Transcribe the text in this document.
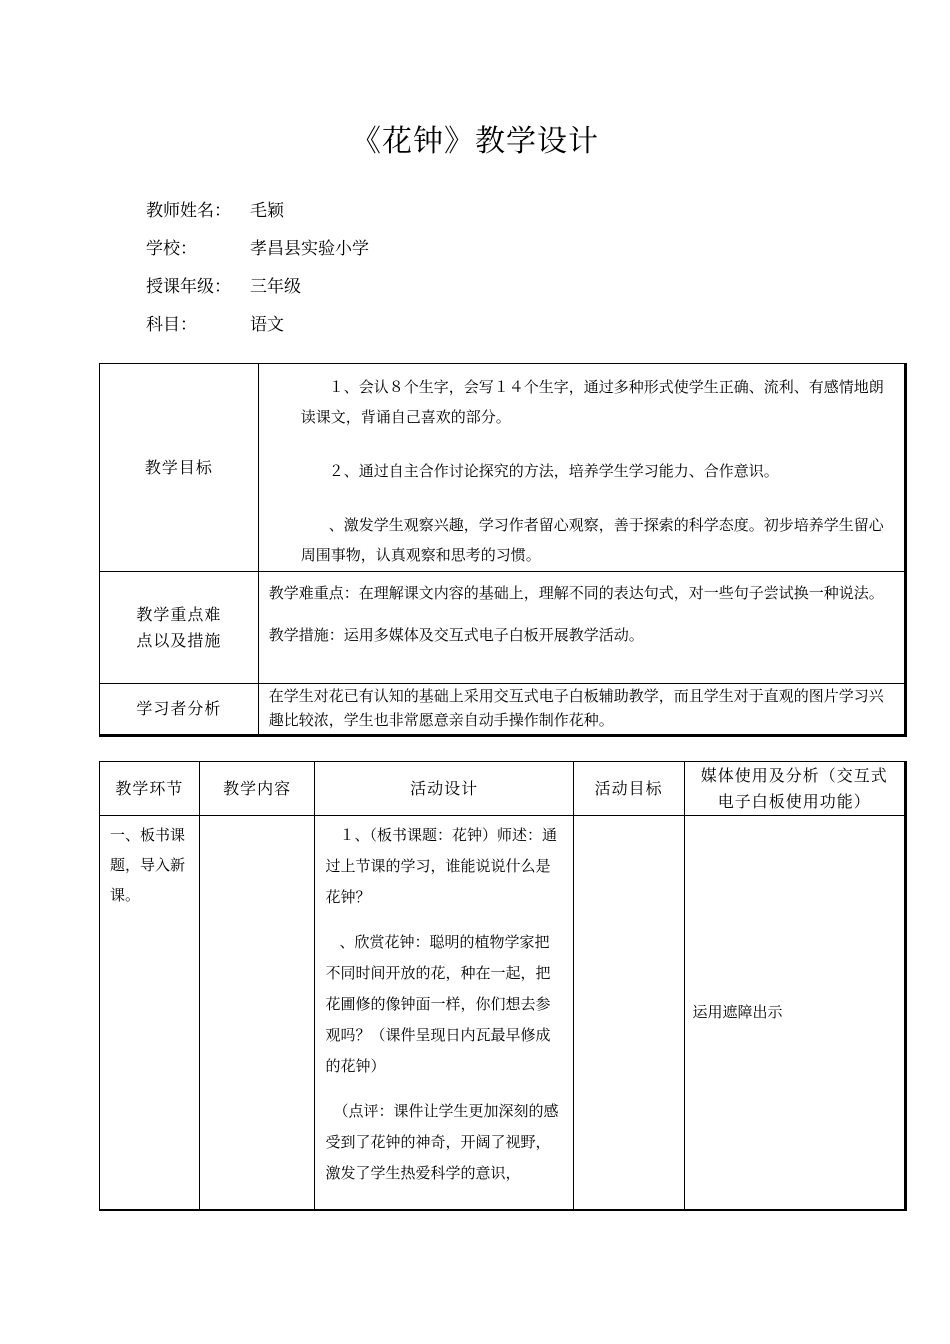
《花钟》教学设计
教师姓名： 毛颖
学校：	孝昌县实验小学
授课年级： 三年级
科目：	语文
教学目标	１、会认８个生字，会写１４个生字，通过多种形式使学生正确、流利、有感情地朗读课文，背诵自己喜欢的部分。

２、通过自主合作讨论探究的方法，培养学生学习能力、合作意识。

、激发学生观察兴趣，学习作者留心观察，善于探索的科学态度。初步培养学生留心周围事物，认真观察和思考的习惯。

教学重点难点以及措施	教学难重点：在理解课文内容的基础上，理解不同的表达句式，对一些句子尝试换一种说法。

教学措施：运用多媒体及交互式电子白板开展教学活动。

学习者分析	在学生对花已有认知的基础上采用交互式电子白板辅助教学，而且学生对于直观的图片学习兴趣比较浓，学生也非常愿意亲自动手操作制作花种。
教学环节	教学内容	活动设计	活动目标	媒体使用及分析（交互式电子白板使用功能）
一、板书课题，导入新课。		１、（板书课题：花钟）师述：通过上节课的学习，谁能说说什么是花钟？

、欣赏花钟：聪明的植物学家把不同时间开放的花，种在一起，把花圃修的像钟面一样，你们想去参观吗？（课件呈现日内瓦最早修成的花钟）

（点评：课件让学生更加深刻的感受到了花钟的神奇，开阔了视野，激发了学生热爱科学的意识，		运用遮障出示
